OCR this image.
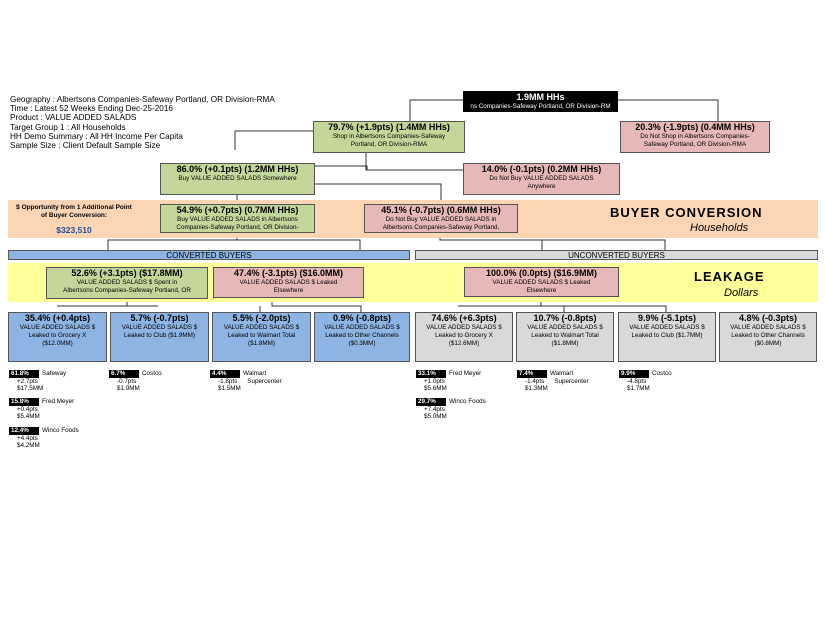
Geography : Albertsons Companies-Safeway Portland, OR Division-RMA
Time : Latest 52 Weeks Ending Dec-25-2016
Product : VALUE ADDED SALADS
Target Group 1 : All Households
HH Demo Summary : All HH Income Per Capita
Sample Size : Client Default Sample Size
1.9MM HHs
ns Companies-Safeway Portland, OR Division-RM
79.7% (+1.9pts) (1.4MM HHs)
Shop in Albertsons Companies-Safeway
Portland, OR Division-RMA
20.3% (-1.9pts) (0.4MM HHs)
Do Not Shop in Albertsons Companies-
Safeway Portland, OR Division-RMA
86.0% (+0.1pts) (1.2MM HHs)
Buy VALUE ADDED SALADS Somewhere
14.0% (-0.1pts) (0.2MM HHs)
Do Not Buy VALUE ADDED SALADS
Anywhere
$ Opportunity from 1 Additional Point
of Buyer Conversion:
$323,510
BUYER CONVERSION
Households
54.9% (+0.7pts) (0.7MM HHs)
Buy VALUE ADDED SALADS in Albertsons
Companies-Safeway Portland, OR Division-
45.1% (-0.7pts) (0.6MM HHs)
Do Not Buy VALUE ADDED SALADS in
Albertsons Companies-Safeway Portland,
CONVERTED BUYERS	UNCONVERTED BUYERS
LEAKAGE
Dollars
52.6% (+3.1pts) ($17.8MM)
VALUE ADDED SALADS $ Spent in
Albertsons Companies-Safeway Portland, OR
47.4% (-3.1pts) ($16.0MM)
VALUE ADDED SALADS $ Leaked
Elsewhere
100.0% (0.0pts) ($16.9MM)
VALUE ADDED SALADS $ Leaked
Elsewhere
35.4% (+0.4pts)
VALUE ADDED SALADS $
Leaked to Grocery X
($12.0MM)
5.7% (-0.7pts)
VALUE ADDED SALADS $
Leaked to Club ($1.9MM)
5.5% (-2.0pts)
VALUE ADDED SALADS $
Leaked to Walmart Total
($1.8MM)
0.9% (-0.8pts)
VALUE ADDED SALADS $
Leaked to Other Channels
($0.3MM)
74.6% (+6.3pts)
VALUE ADDED SALADS $
Leaked to Grocery X
($12.6MM)
10.7% (-0.8pts)
VALUE ADDED SALADS $
Leaked to Walmart Total
($1.8MM)
9.9% (-5.1pts)
VALUE ADDED SALADS $
Leaked to Club ($1.7MM)
4.8% (-0.3pts)
VALUE ADDED SALADS $
Leaked to Other Channels
($0.8MM)
61.8% Safeway
+2.7pts
$17.5MM
15.8% Fred Meyer
+0.4pts
$5.4MM
12.4% Winco Foods
+4.4pts
$4.2MM
6.7%	Costco
-0.7pts
$1.9MM
4.4%	Walmart
-1.8pts Supercenter
$1.5MM
33.1% Fred Meyer
+1.0pts
$5.6MM
29.7% Winco Foods
+7.4pts
$5.0MM
7.4%	Walmart
-1.4pts Supercenter
$1.3MM
9.9%	Costco
-4.8pts
$1.7MM
